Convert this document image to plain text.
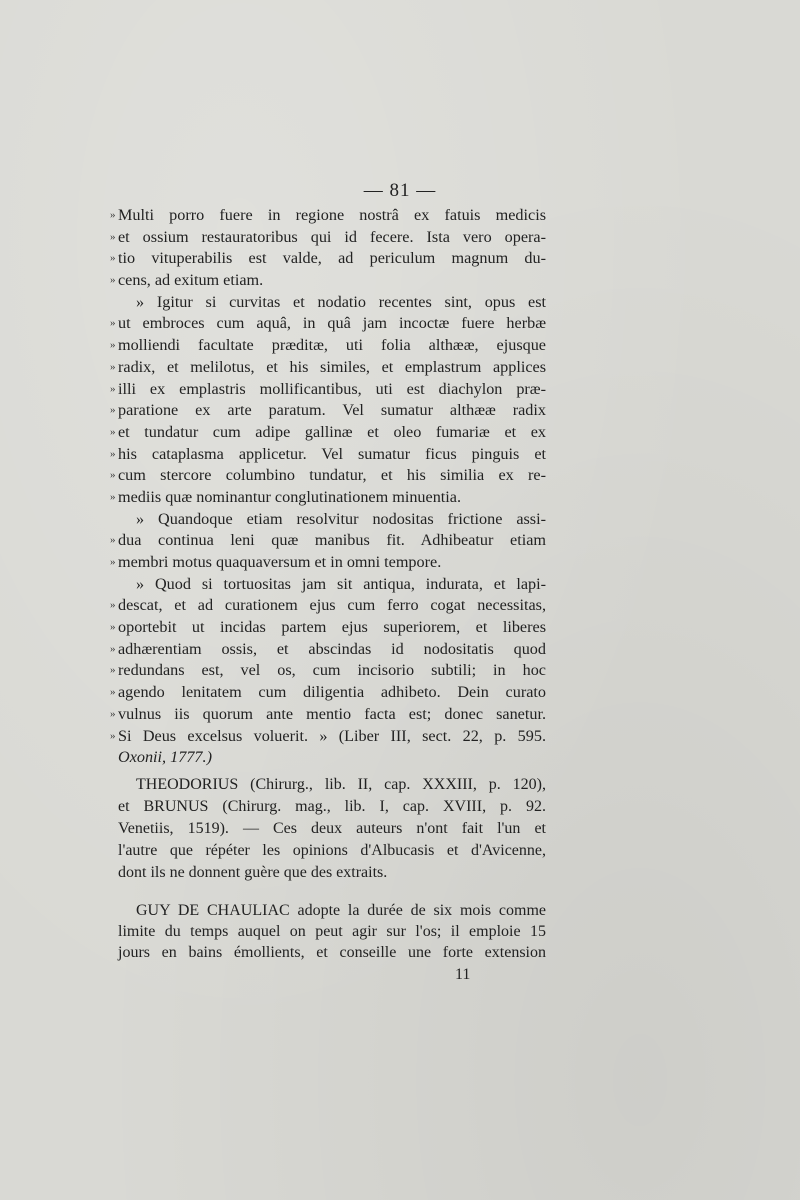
— 81 —
» Multi porro fuere in regione nostrâ ex fatuis medicis
» et ossium restauratoribus qui id fecere. Ista vero opera-
» tio vituperabilis est valde, ad periculum magnum du-
» cens, ad exitum etiam.
» Igitur si curvitas et nodatio recentes sint, opus est
» ut embroces cum aquâ, in quâ jam incoctæ fuere herbæ
» molliendi facultate præditæ, uti folia althææ, ejusque
» radix, et melilotus, et his similes, et emplastrum applices
» illi ex emplastris mollificantibus, uti est diachylon præ-
» paratione ex arte paratum. Vel sumatur althææ radix
» et tundatur cum adipe gallinæ et oleo fumariæ et ex
» his cataplasma applicetur. Vel sumatur ficus pinguis et
» cum stercore columbino tundatur, et his similia ex re-
» mediis quæ nominantur conglutinationem minuentia.
» Quandoque etiam resolvitur nodositas frictione assi-
» dua continua leni quæ manibus fit. Adhibeatur etiam
» membri motus quaquaversum et in omni tempore.
» Quod si tortuositas jam sit antiqua, indurata, et lapi-
» descat, et ad curationem ejus cum ferro cogat necessitas,
» oportebit ut incidas partem ejus superiorem, et liberes
» adhærentiam ossis, et abscindas id nodositatis quod
» redundans est, vel os, cum incisorio subtili; in hoc
» agendo lenitatem cum diligentia adhibeto. Dein curato
» vulnus iis quorum ante mentio facta est; donec sanetur.
» Si Deus excelsus voluerit. » (Liber III, sect. 22, p. 595.
Oxonii, 1777.)
THEODORIUS (Chirurg., lib. II, cap. XXXIII, p. 120),
et BRUNUS (Chirurg. mag., lib. I, cap. XVIII, p. 92.
Venetiis, 1519). — Ces deux auteurs n'ont fait l'un et
l'autre que répéter les opinions d'Albucasis et d'Avicenne,
dont ils ne donnent guère que des extraits.
GUY DE CHAULIAC adopte la durée de six mois comme
limite du temps auquel on peut agir sur l'os; il emploie 15
jours en bains émollients, et conseille une forte extension
11
